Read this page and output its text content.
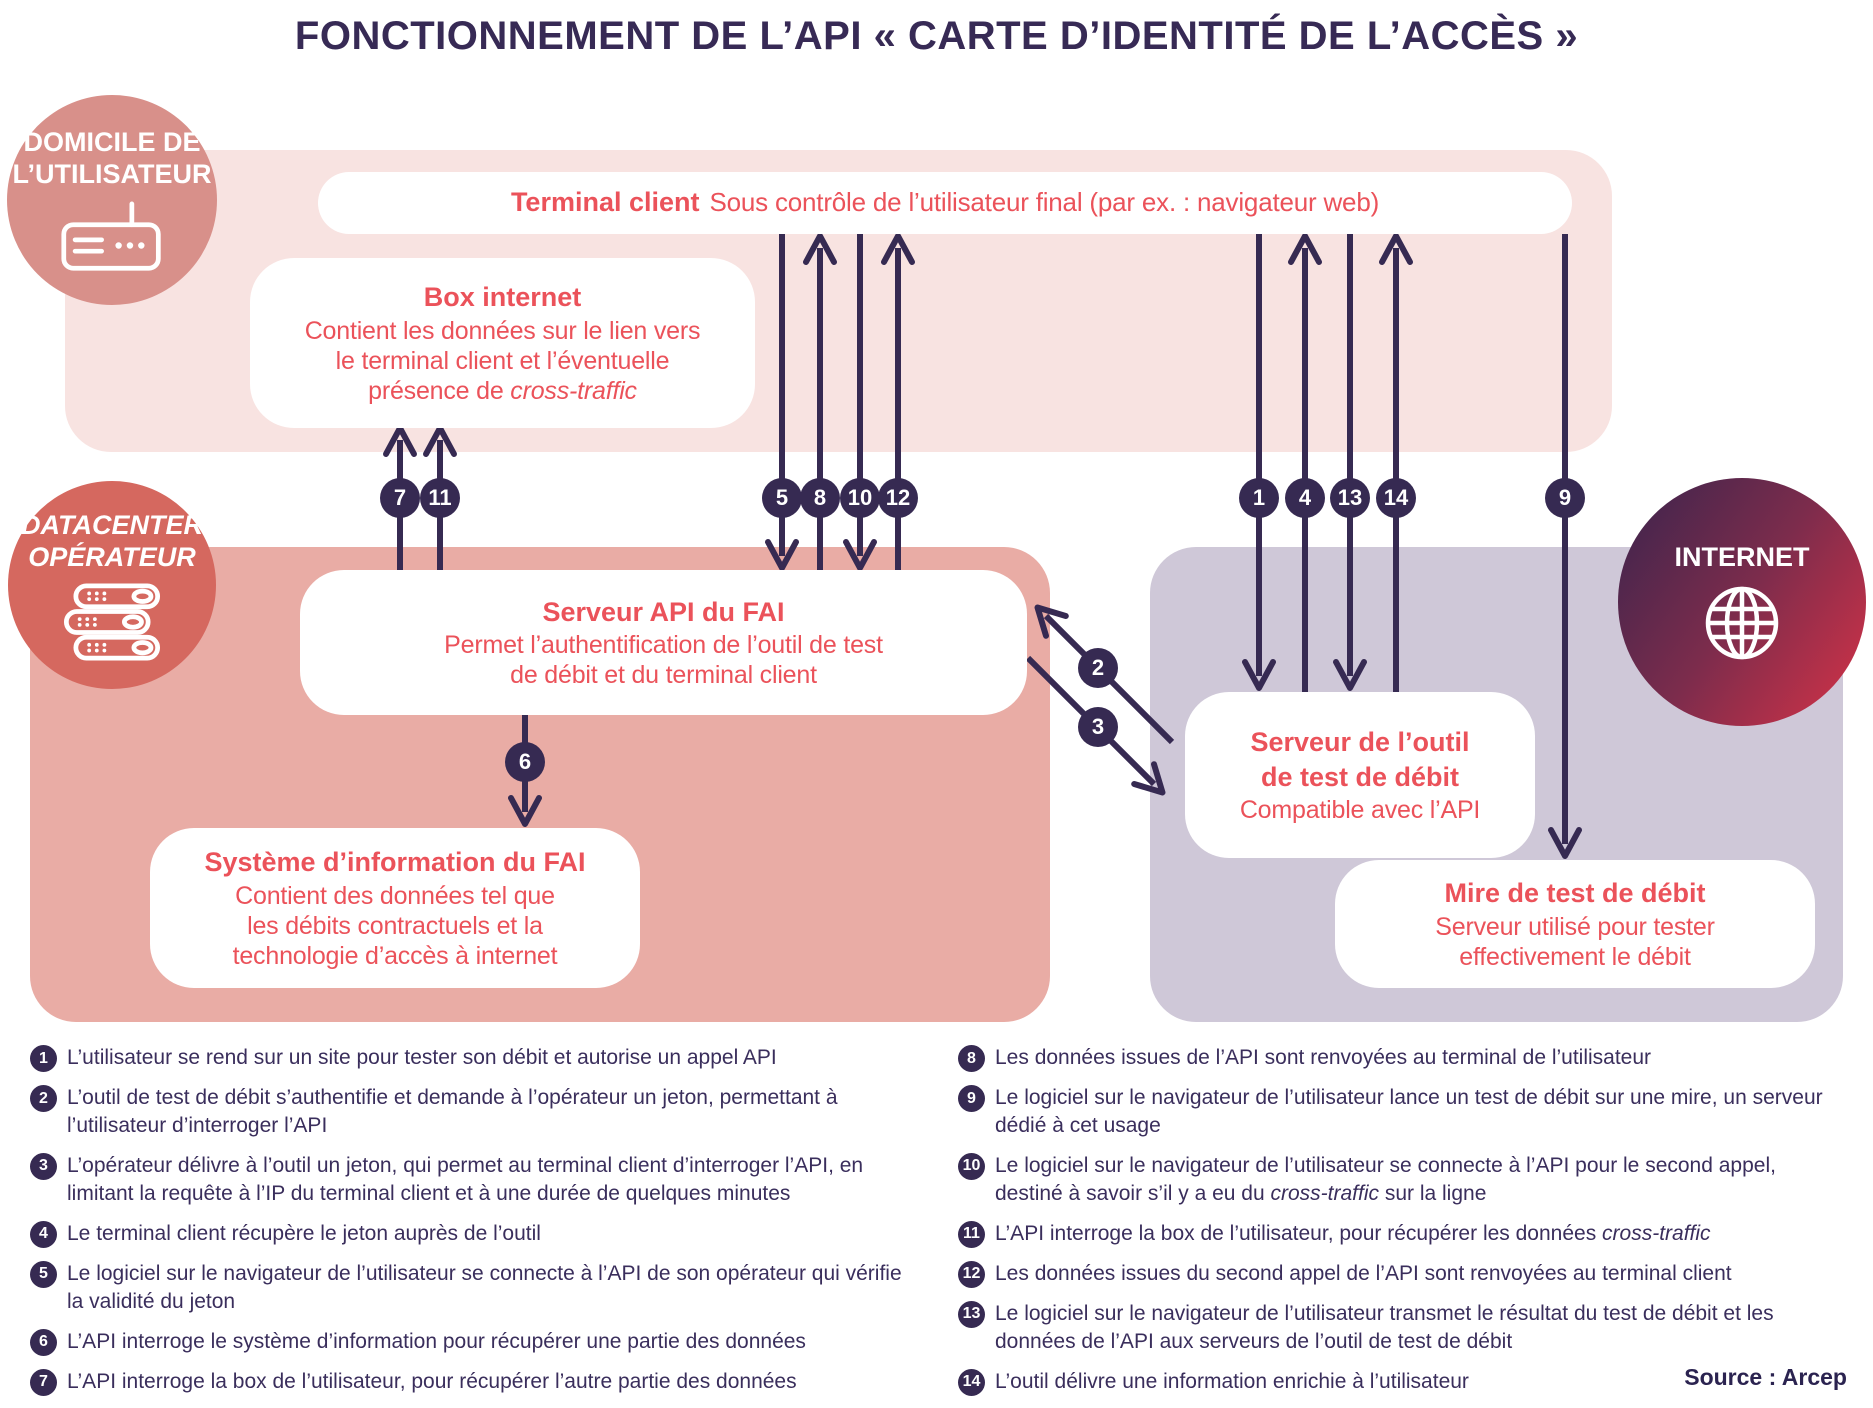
FONCTIONNEMENT DE L’API « CARTE D’IDENTITÉ DE L’ACCÈS »
Terminal client Sous contrôle de l’utilisateur final (par ex. : navigateur web)
Box internet
Contient les données sur le lien vers
le terminal client et l’éventuelle
présence de cross-traffic
Serveur API du FAI
Permet l’authentification de l’outil de test
de débit et du terminal client
Système d’information du FAI
Contient des données tel que
les débits contractuels et la
technologie d’accès à internet
Serveur de l’outil
de test de débit
Compatible avec l’API
Mire de test de débit
Serveur utilisé pour tester
effectivement le débit
DOMICILE DE
L’UTILISATEUR
DATACENTER
OPÉRATEUR	INTERNET
7	11	5	8 10 12	1	4	13 14	9
2
3
6
1 L’utilisateur se rend sur un site pour tester son débit et autorise un appel API
2 L’outil de test de débit s’authentifie et demande à l’opérateur un jeton, permettant à l’utilisateur d’interroger l’API
3 L’opérateur délivre à l’outil un jeton, qui permet au terminal client d’interroger l’API, en limitant la requête à l’IP du terminal client et à une durée de quelques minutes
4 Le terminal client récupère le jeton auprès de l’outil
5 Le logiciel sur le navigateur de l’utilisateur se connecte à l’API de son opérateur qui vérifie la validité du jeton
6 L’API interroge le système d’information pour récupérer une partie des données
7 L’API interroge la box de l’utilisateur, pour récupérer l’autre partie des données
8 Les données issues de l’API sont renvoyées au terminal de l’utilisateur
9 Le logiciel sur le navigateur de l’utilisateur lance un test de débit sur une mire, un serveur dédié à cet usage
10 Le logiciel sur le navigateur de l’utilisateur se connecte à l’API pour le second appel, destiné à savoir s’il y a eu du cross-traffic sur la ligne
11 L’API interroge la box de l’utilisateur, pour récupérer les données cross-traffic
12 Les données issues du second appel de l’API sont renvoyées au terminal client
13 Le logiciel sur le navigateur de l’utilisateur transmet le résultat du test de débit et les données de l’API aux serveurs de l’outil de test de débit
14 L’outil délivre une information enrichie à l’utilisateur	Source : Arcep
